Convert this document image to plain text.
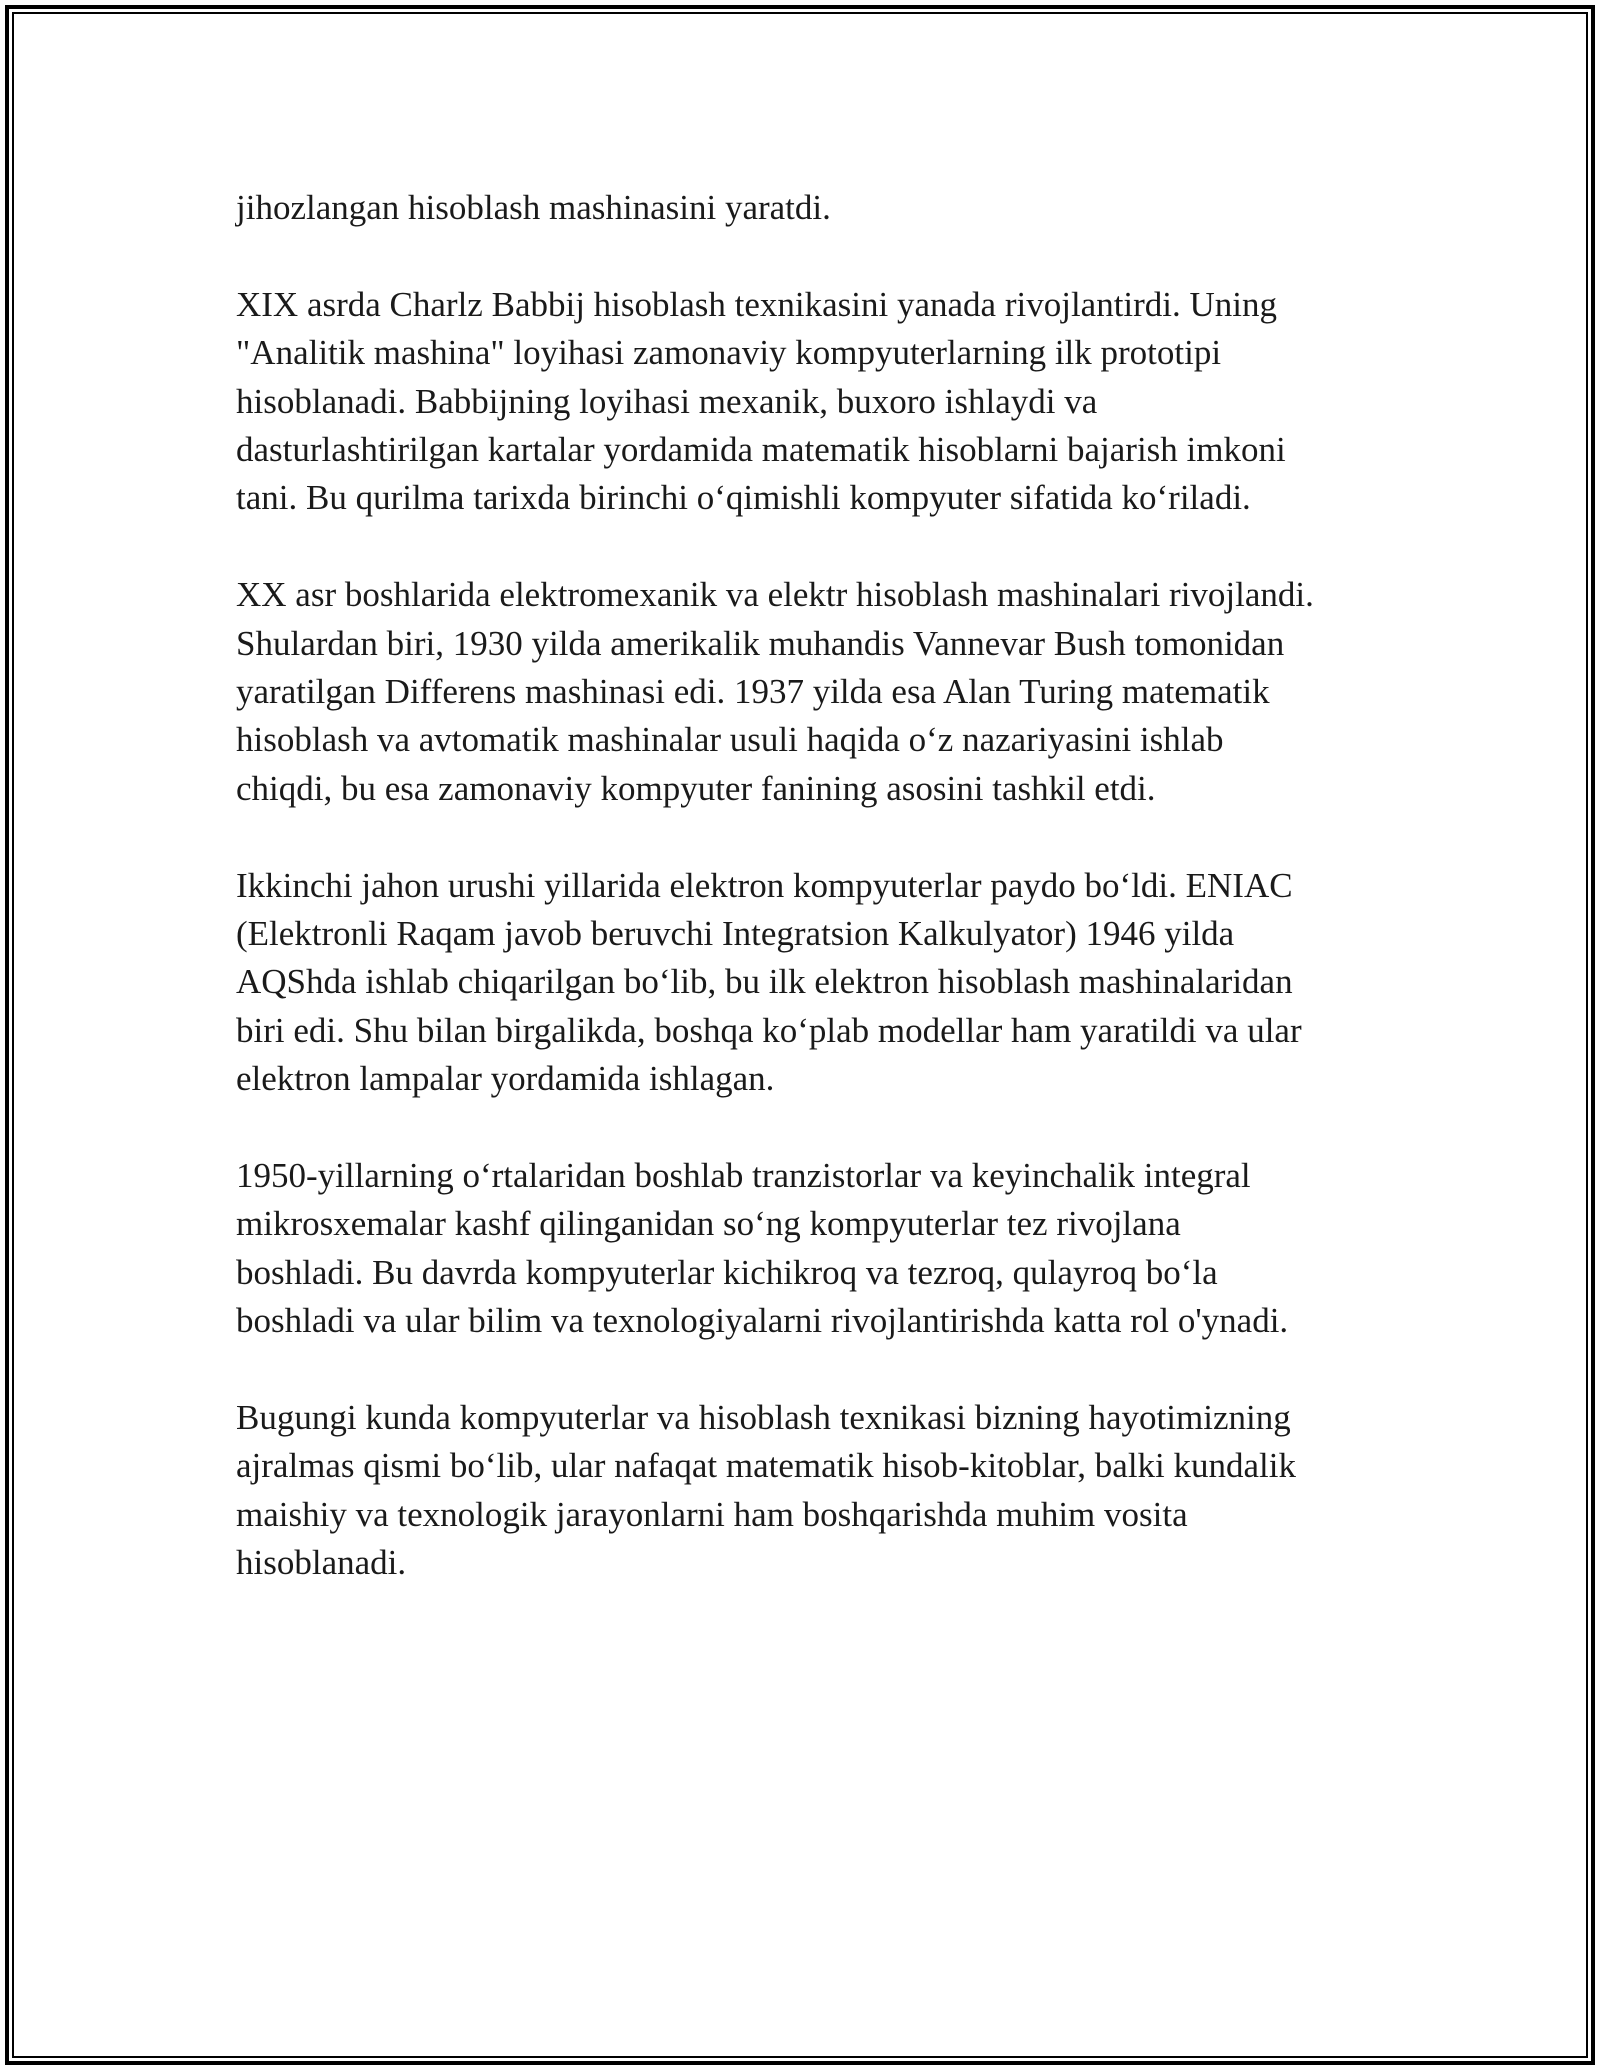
jihozlangan hisoblash mashinasini yaratdi.
XIX asrda Charlz Babbij hisoblash texnikasini yanada rivojlantirdi. Uning
"Analitik mashina" loyihasi zamonaviy kompyuterlarning ilk prototipi
hisoblanadi. Babbijning loyihasi mexanik, buxoro ishlaydi va
dasturlashtirilgan kartalar yordamida matematik hisoblarni bajarish imkoni
tani. Bu qurilma tarixda birinchi o‘qimishli kompyuter sifatida ko‘riladi.
XX asr boshlarida elektromexanik va elektr hisoblash mashinalari rivojlandi.
Shulardan biri, 1930 yilda amerikalik muhandis Vannevar Bush tomonidan
yaratilgan Differens mashinasi edi. 1937 yilda esa Alan Turing matematik
hisoblash va avtomatik mashinalar usuli haqida o‘z nazariyasini ishlab
chiqdi, bu esa zamonaviy kompyuter fanining asosini tashkil etdi.
Ikkinchi jahon urushi yillarida elektron kompyuterlar paydo bo‘ldi. ENIAC
(Elektronli Raqam javob beruvchi Integratsion Kalkulyator) 1946 yilda
AQShda ishlab chiqarilgan bo‘lib, bu ilk elektron hisoblash mashinalaridan
biri edi. Shu bilan birgalikda, boshqa ko‘plab modellar ham yaratildi va ular
elektron lampalar yordamida ishlagan.
1950-yillarning o‘rtalaridan boshlab tranzistorlar va keyinchalik integral
mikrosxemalar kashf qilinganidan so‘ng kompyuterlar tez rivojlana
boshladi. Bu davrda kompyuterlar kichikroq va tezroq, qulayroq bo‘la
boshladi va ular bilim va texnologiyalarni rivojlantirishda katta rol o'ynadi.
Bugungi kunda kompyuterlar va hisoblash texnikasi bizning hayotimizning
ajralmas qismi bo‘lib, ular nafaqat matematik hisob-kitoblar, balki kundalik
maishiy va texnologik jarayonlarni ham boshqarishda muhim vosita
hisoblanadi.
